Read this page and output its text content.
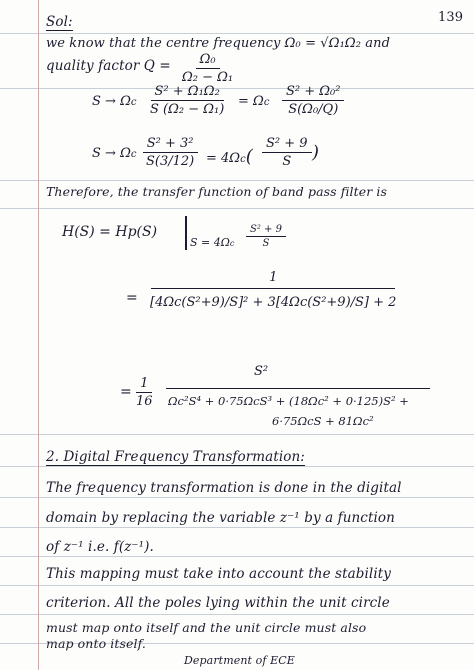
139
Sol:
we know that the centre frequency Ω₀ = √Ω₁Ω₂ and
quality factor $Q = \frac{\text{Ω₀}}{\text{Ω₂ − Ω₁}}$
S → Ωc $\frac{\text{S² + Ω₁Ω₂}}{\text{S (Ω₂ − Ω₁)}} = \Omega c \frac{\text{S² + Ω₀²}}{\text{S(Ω₀/Q)}}$
S → Ωc $\frac{\text{S² + 3²}}{S(3/12)} = 4\Omega c( \frac{\text{S² + 9}}{S}$ )
Therefore, the transfer function of band pass filter is
H(S) = Hp(S)
$S = 4\Omega c \frac{\text{S² + 9}}{S}$
= $\frac{1}{\text{[4Ωc(S²+9)/S]² + 3[4Ωc(S²+9)/S] + 2}}$
= $\frac{1}{16}$
S²
Ωc²S⁴ + 0·75ΩcS³ + (18Ωc² + 0·125)S² +
6·75ΩcS + 81Ωc²
2. Digital Frequency Transformation:
The frequency transformation is done in the digital
domain by replacing the variable z⁻¹ by a function
of z⁻¹ i.e. f(z⁻¹).
This mapping must take into account the stability
criterion. All the poles lying within the unit circle
must map onto itself and the unit circle must also
map onto itself.
Department of ECE
